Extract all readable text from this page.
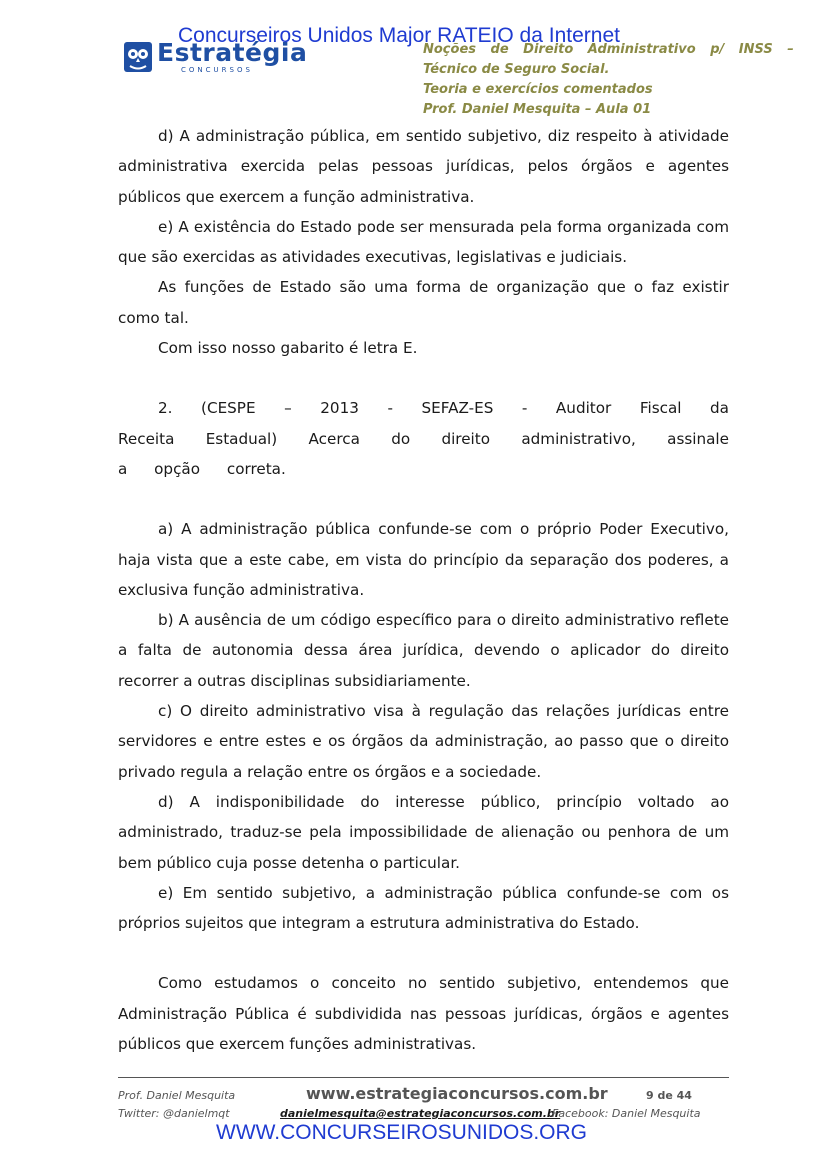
Concurseiros Unidos Major RATEIO da Internet
Estratégia
CONCURSOS
Noções de Direito Administrativo p/ INSS –
Técnico de Seguro Social.
Teoria e exercícios comentados
Prof. Daniel Mesquita – Aula 01

d) A administração pública, em sentido subjetivo, diz respeito à atividade administrativa exercida pelas pessoas jurídicas, pelos órgãos e agentes públicos que exercem a função administrativa.

e) A existência do Estado pode ser mensurada pela forma organizada com que são exercidas as atividades executivas, legislativas e judiciais.

As funções de Estado são uma forma de organização que o faz existir como tal.

Com isso nosso gabarito é letra E.

2. (CESPE – 2013 - SEFAZ-ES - Auditor Fiscal da Receita Estadual) Acerca do direito administrativo, assinale a opção correta.

a) A administração pública confunde-se com o próprio Poder Executivo, haja vista que a este cabe, em vista do princípio da separação dos poderes, a exclusiva função administrativa.

b) A ausência de um código específico para o direito administrativo reflete a falta de autonomia dessa área jurídica, devendo o aplicador do direito recorrer a outras disciplinas subsidiariamente.

c) O direito administrativo visa à regulação das relações jurídicas entre servidores e entre estes e os órgãos da administração, ao passo que o direito privado regula a relação entre os órgãos e a sociedade.

d) A indisponibilidade do interesse público, princípio voltado ao administrado, traduz-se pela impossibilidade de alienação ou penhora de um bem público cuja posse detenha o particular.

e) Em sentido subjetivo, a administração pública confunde-se com os próprios sujeitos que integram a estrutura administrativa do Estado.

Como estudamos o conceito no sentido subjetivo, entendemos que Administração Pública é subdividida nas pessoas jurídicas, órgãos e agentes públicos que exercem funções administrativas.

Prof. Daniel Mesquita	www.estrategiaconcursos.com.br	9 de 44
Twitter: @danielmqt	danielmesquita@estrategiaconcursos.com.br
Facebook: Daniel Mesquita
WWW.CONCURSEIROSUNIDOS.ORG
